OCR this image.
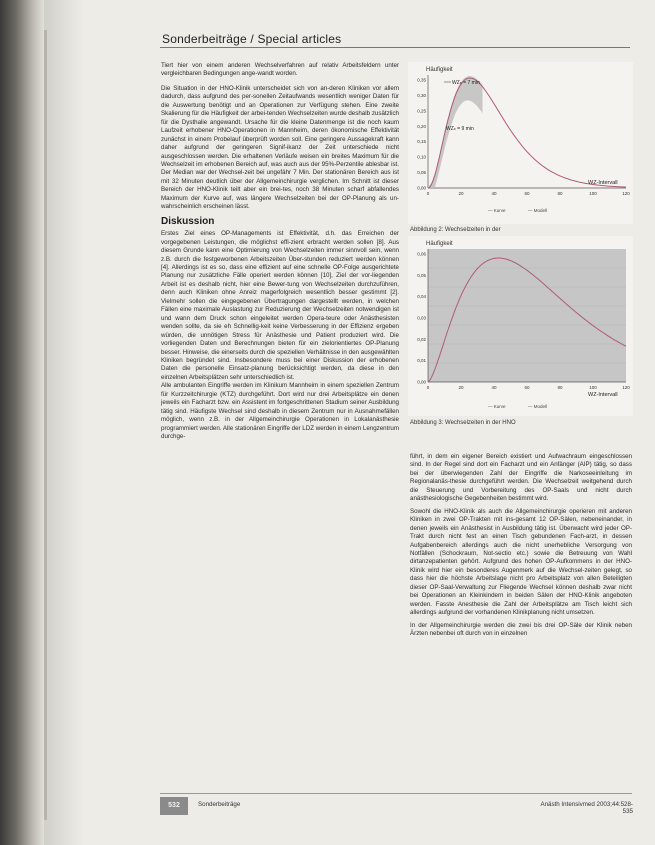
Sonderbeiträge / Special articles

Tiert hier von einem anderen Wechselverfahren auf relativ Arbeitsfeldern unter vergleichbaren Bedingungen ange-wandt worden.

Die Situation in der HNO-Klinik unterscheidet sich von an-deren Kliniken vor allem dadurch, dass aufgrund des per-sonellen Zeitaufwands wesentlich weniger Daten für die Auswertung benötigt und an Operationen zur Verfügung stehen. Eine zweite Skalierung für die Häufigkeit der arbei-tenden Wechselzeiten wurde deshalb zusätzlich für die Dysthalie angewandt. Ursache für die kleine Datenmenge ist die noch kaum Laufzeit erhobener HNO-Operationen in Mannheim, deren ökonomische Effektivität zunächst in einem Probelauf überprüft worden soll. Eine geringere Aussagekraft kann daher aufgrund der geringeren Signif-ikanz der Zeit unterschiede nicht ausgeschlossen werden. Die erhaltenen Verläufe weisen ein breites Maximum für die Wechselzeit im erhobenen Bereich auf, was auch aus der 95%-Perzentile ablesbar ist. Der Median war der Wechsel-zeit bei ungefähr 7 Min. Der stationären Bereich aus ist mit 32 Minuten deutlich über der Allgemeinchirurgie verglichen. Im Schnitt ist dieser Bereich der HNO-Klinik teilt aber ein brei-tes, noch 38 Minuten scharf abfallendes Maximum der Kurve auf, was längere Wechselzeiten bei der OP-Planung als un-wahrscheinlich erscheinen lässt.

Diskussion

Erstes Ziel eines OP-Managements ist Effektivität, d.h. das Erreichen der vorgegebenen Leistungen, die möglichst effi-zient erbracht werden sollen [8]. Aus diesem Grunde kann eine Optimierung von Wechselzeiten immer sinnvoll sein, wenn z.B. durch die festgeworbenen Arbeitszeiten Über-stunden reduziert werden können [4]. Allerdings ist es so, dass eine effizient auf eine schnelle OP-Folge ausgerichtete Planung nur zusätzliche Fälle operiert werden können [10], Ziel der vor-liegenden Arbeit ist es deshalb nicht, hier eine Bewer-tung von Wechselzeiten durchzuführen, denn auch Kliniken ohne Anreiz magerfolgreich wesentlich besser gestimmt [2]. Vielmehr sollen die eingegebenen Übertragungen dargestellt werden, in welchen Fällen eine maximale Auslastung zur Reduzierung der Wechselzeiten notwendigen ist und wann dem Druck schon eingeleitet werden Opera-teure oder Anästhesisten wenden sollte, da sie eh Schnellig-keit keine Verbesserung in der Effizienz ergeben würden, die unnötigen Stress für Anästhesie und Patient produziert wird. Die vorliegenden Daten und Berechnungen bieten für ein zielorientiertes OP-Planung besser. Hinweise, die einerseits durch die speziellen Verhältnisse in den ausgewählten Kliniken begründet sind. Insbesondere muss bei einer Diskussion der erhobenen Daten die personelle Einsatz-planung berücksichtigt werden, da diese in den einzelnen Arbeitsplätzen sehr unterschiedlich ist.

Alle ambulanten Eingriffe werden im Klinikum Mannheim in einem speziellen Zentrum für Kurzzeitchirurgie (KTZ) durchgeführt. Dort wird nur drei Arbeitsplätze ein denen jeweils ein Facharzt bzw. ein Assistent im fortgeschrittenen Stadium seiner Ausbildung tätig sind. Häufigste Wechsel sind deshalb in diesem Zentrum nur in Ausnahmefällen möglich, wenn z.B. in der Allgemeinchirurgie Operationen in Lokalanästhesie programmiert werden. Alle stationären Eingriffe der LDZ werden in einem Lengzentrum durchge-

Häufigkeit
0,35
0,30
0,25
0,20
0,15
0,10
0,05
0,00
0	20	40	60	80	100	120
WZₕ = 7 min
WZₕ = 9 min
WZ-Intervall
— Kurve	— Modell
Abbildung 2: Wechselzeiten in der
Häufigkeit
0,06
0,05
0,04
0,03
0,02
0,01
0,00
0	20	40	60	80	100	120
WZ-Intervall
— Kurve	— Modell
Abbildung 3: Wechselzeiten in der HNO

führt, in dem ein eigener Bereich existiert und Aufwachraum eingeschlossen sind. In der Regel sind dort ein Facharzt und ein Anfänger (AIP) tätig, so dass bei der überwiegenden Zahl der Eingriffe die Narkoseeinleitung im Regionalanäs-thesie durchgeführt werden. Die Wechselzeit weitgehend durch die Steuerung und Vorbereitung des OP-Saals und nicht durch anästhesiologische Gegebenheiten bestimmt wird.

Sowohl die HNO-Klinik als auch die Allgemeinchirurgie operieren mit anderen Kliniken in zwei OP-Trakten mit ins-gesamt 12 OP-Sälen, nebeneinander, in denen jeweils ein Anästhesist in Ausbildung tätig ist. Überwacht wird jeder OP-Trakt durch nicht fest an einen Tisch gebundenen Fach-arzt, in dessen Aufgabenbereich allerdings auch die nicht unerhebliche Versorgung von Notfällen (Schockraum, Not-sectio etc.) sowie die Betreuung von Wahl dirtanzepatienten gehört. Aufgrund des hohen OP-Aufkommens in der HNO-Klinik wird hier ein besonderes Augenmerk auf die Wechsel-zeiten gelegt, so dass hier die höchste Arbeitslage nicht pro Arbeitsplatz von allen Beteiligten dieser OP-Saal-Verwaltung zur Fliegende Wechsel können deshalb zwar nicht bei Operationen an Kleinkindern in beiden Sälen der HNO-Klinik angeboten werden. Fasste Anesthesie die Zahl der Arbeitsplätze am Tisch leicht sich allerdings aufgrund der vorhandenen Klinikplanung nicht umsetzen.

In der Allgemeinchirurgie werden die zwei bis drei OP-Säle der Klinik neben Ärzten nebenbei oft durch von in einzelnen

532	Sonderbeiträge	Anästh Intensivmed 2003;44:528-535
